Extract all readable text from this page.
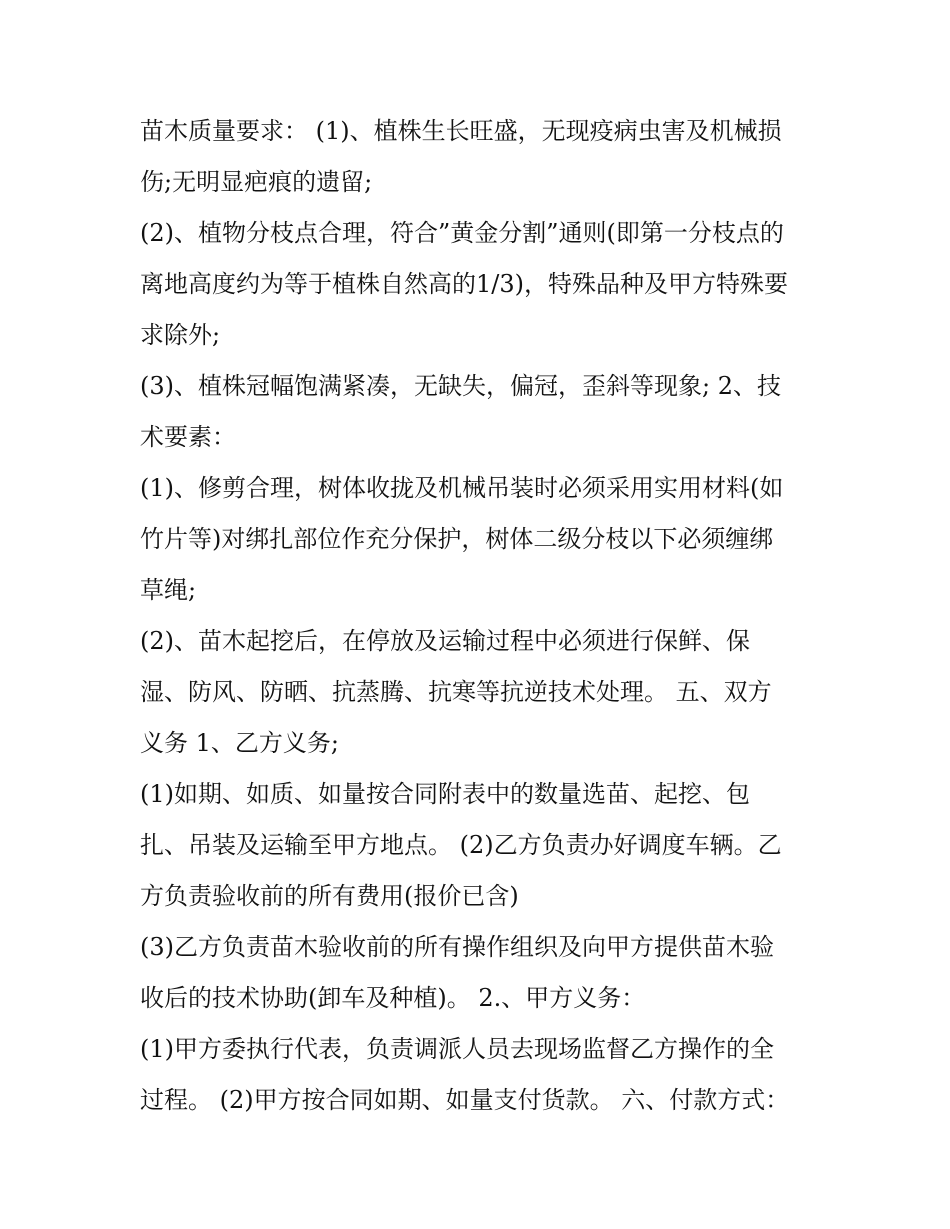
苗木质量要求： (1)、植株生长旺盛，无现疫病虫害及机械损
伤;无明显疤痕的遗留;
(2)、植物分枝点合理，符合”黄金分割”通则(即第一分枝点的
离地高度约为等于植株自然高的1/3)，特殊品种及甲方特殊要
求除外;
(3)、植株冠幅饱满紧凑，无缺失，偏冠，歪斜等现象; 2、技
术要素：
(1)、修剪合理，树体收拢及机械吊装时必须采用实用材料(如
竹片等)对绑扎部位作充分保护，树体二级分枝以下必须缠绑
草绳;
(2)、苗木起挖后，在停放及运输过程中必须进行保鲜、保
湿、防风、防晒、抗蒸腾、抗寒等抗逆技术处理。 五、双方
义务 1、乙方义务;
(1)如期、如质、如量按合同附表中的数量选苗、起挖、包
扎、吊装及运输至甲方地点。 (2)乙方负责办好调度车辆。乙
方负责验收前的所有费用(报价已含)
(3)乙方负责苗木验收前的所有操作组织及向甲方提供苗木验
收后的技术协助(卸车及种植)。 2.、甲方义务：
(1)甲方委执行代表，负责调派人员去现场监督乙方操作的全
过程。 (2)甲方按合同如期、如量支付货款。 六、付款方式：
